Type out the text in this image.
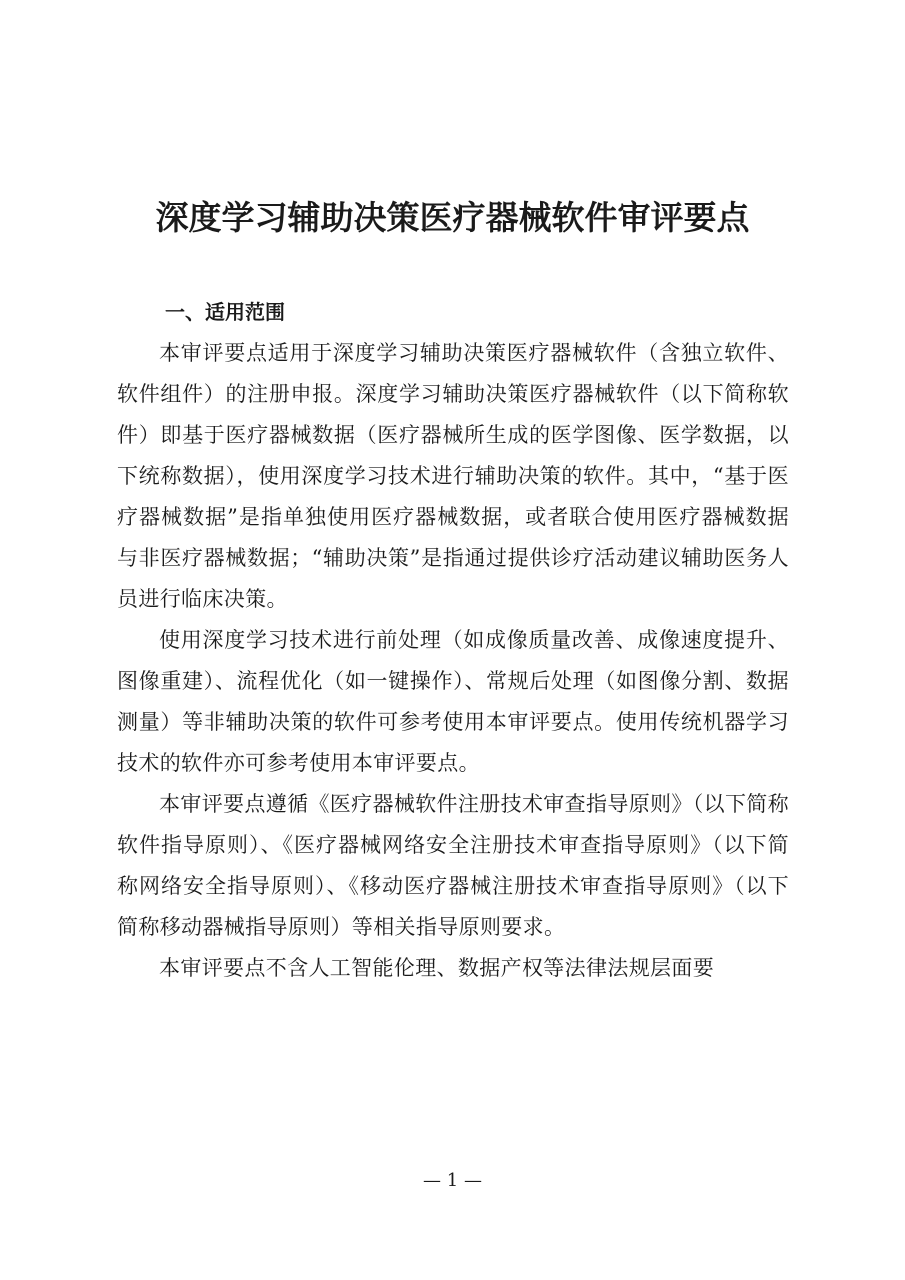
深度学习辅助决策医疗器械软件审评要点
一、适用范围

本审评要点适用于深度学习辅助决策医疗器械软件（含独立软件、软件组件）的注册申报。深度学习辅助决策医疗器械软件（以下简称软件）即基于医疗器械数据（医疗器械所生成的医学图像、医学数据，以下统称数据），使用深度学习技术进行辅助决策的软件。其中，“基于医疗器械数据”是指单独使用医疗器械数据，或者联合使用医疗器械数据与非医疗器械数据；“辅助决策”是指通过提供诊疗活动建议辅助医务人员进行临床决策。

使用深度学习技术进行前处理（如成像质量改善、成像速度提升、图像重建）、流程优化（如一键操作）、常规后处理（如图像分割、数据测量）等非辅助决策的软件可参考使用本审评要点。使用传统机器学习技术的软件亦可参考使用本审评要点。

本审评要点遵循《医疗器械软件注册技术审查指导原则》（以下简称软件指导原则）、《医疗器械网络安全注册技术审查指导原则》（以下简称网络安全指导原则）、《移动医疗器械注册技术审查指导原则》（以下简称移动器械指导原则）等相关指导原则要求。

本审评要点不含人工智能伦理、数据产权等法律法规层面要

— 1 —
